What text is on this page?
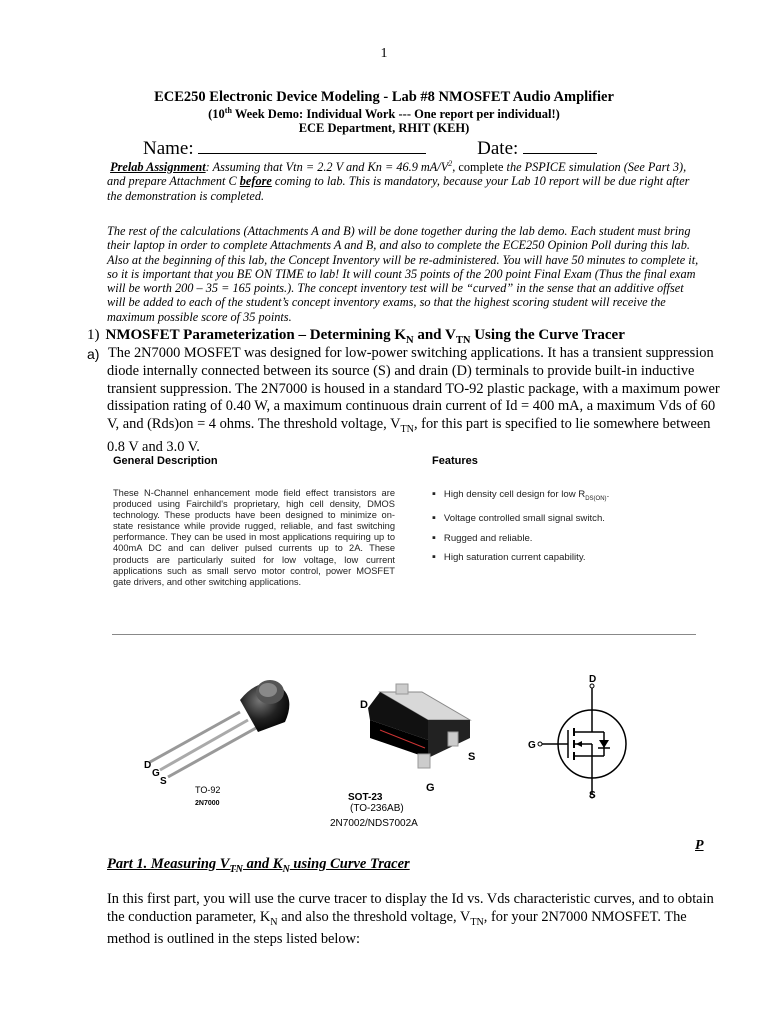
1
ECE250 Electronic Device Modeling - Lab #8 NMOSFET Audio Amplifier
(10th Week Demo: Individual Work --- One report per individual!)
ECE Department, RHIT (KEH)
Name:	Date:
Prelab Assignment: Assuming that Vtn = 2.2 V and Kn = 46.9 $mA/V^2$, complete the PSPICE simulation (See Part 3), and prepare Attachment C before coming to lab. This is mandatory, because your Lab 10 report will be due right after the demonstration is completed.
The rest of the calculations (Attachments A and B) will be done together during the lab demo. Each student must bring their laptop in order to complete Attachments A and B, and also to complete the ECE250 Opinion Poll during this lab. Also at the beginning of this lab, the Concept Inventory will be re-administered. You will have 50 minutes to complete it, so it is important that you BE ON TIME to lab! It will count 35 points of the 200 point Final Exam (Thus the final exam will be worth 200 – 35 = 165 points.). The concept inventory test will be “curved” in the sense that an additive offset will be added to each of the student’s concept inventory exams, so that the highest scoring student will receive the maximum possible score of 35 points.
1) NMOSFET Parameterization – Determining $K_N$ and $V_{TN}$ Using the Curve Tracer
a) The 2N7000 MOSFET was designed for low-power switching applications. It has a transient suppression diode internally connected between its source (S) and drain (D) terminals to provide built-in inductive transient suppression. The 2N7000 is housed in a standard TO-92 plastic package, with a maximum power dissipation rating of 0.40 W, a maximum continuous drain current of Id = 400 mA, a maximum Vds of 60 V, and (Rds)on = 4 ohms. The threshold voltage, $V_{TN}$, for this part is specified to lie somewhere between 0.8 V and 3.0 V.
General Description	Features
These N-Channel enhancement mode field effect transistors are produced using Fairchild's proprietary, high cell density, DMOS technology. These products have been designed to minimize on-state resistance while provide rugged, reliable, and fast switching performance. They can be used in most applications requiring up to 400mA DC and can deliver pulsed currents up to 2A. These products are particularly suited for low voltage, low current applications such as small servo motor control, power MOSFET gate drivers, and other switching applications.
▪ High density cell design for low $R_{DS(ON)}$.
▪ Voltage controlled small signal switch.
▪ Rugged and reliable.
▪ High saturation current capability.
D
G
S
TO-92
2N7000
D
S
G
SOT-23
(TO-236AB)
2N7002/NDS7002A
D
G
S
P
Part 1. Measuring $V_{TN}$ and $K_N$ using Curve Tracer
In this first part, you will use the curve tracer to display the Id vs. Vds characteristic curves, and to obtain the conduction parameter, $K_N$ and also the threshold voltage, $V_{TN}$, for your 2N7000 NMOSFET. The method is outlined in the steps listed below:
